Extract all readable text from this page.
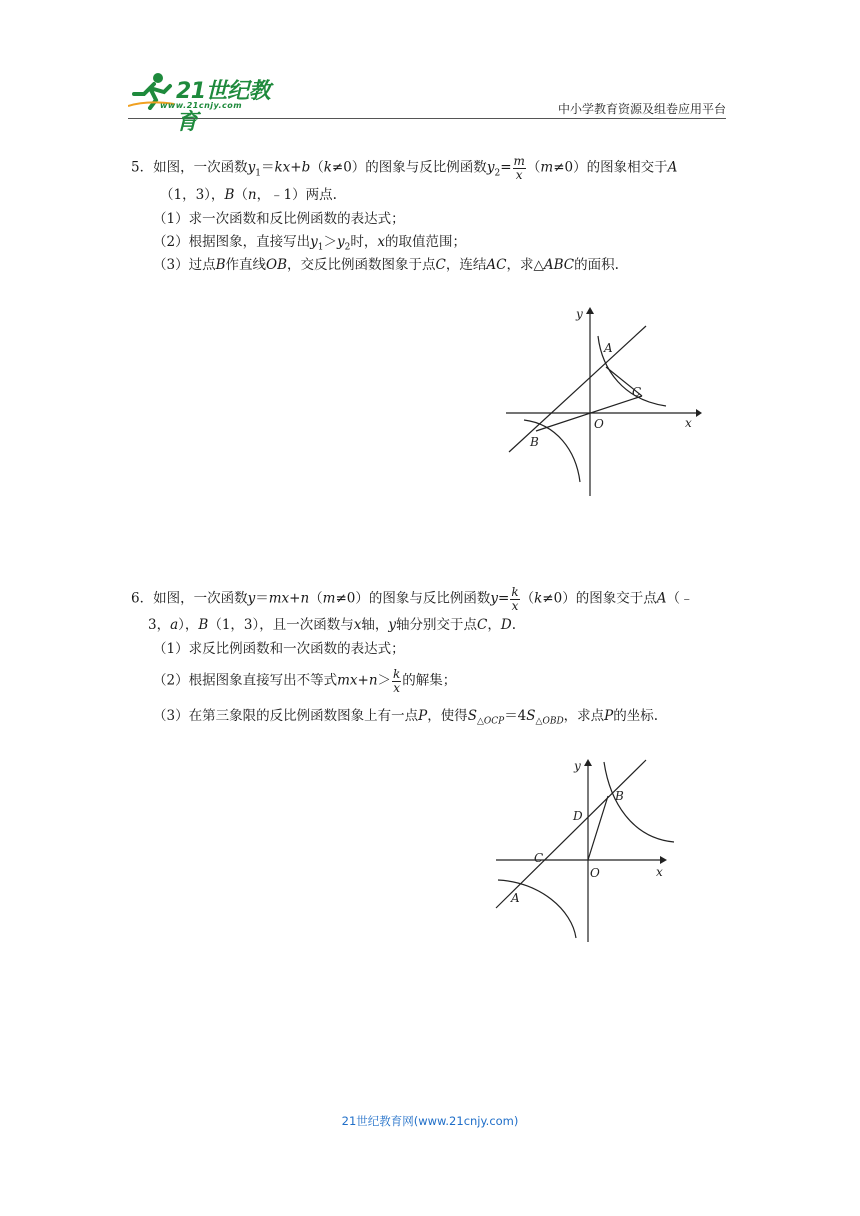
21世纪教育
www.21cnjy.com	中小学教育资源及组卷应用平台
5．如图，一次函数$y_1=kx+b(k\ne 0)$的图象与反比例函数$y_2= \frac{m}{x} (m\ne 0)$的图象相交于A
（1，3），B（n，﹣1）两点.
（1）求一次函数和反比例函数的表达式；
（2）根据图象，直接写出$y_1>y_2$时，x的取值范围；
（3）过点B作直线OB，交反比例函数图象于点C，连结AC，求△ABC的面积.
y
x
O
A
C
B
6．如图，一次函数y＝mx+n（m≠0）的图象与反比例函数$y= \frac{k}{x} (k\ne 0)$的图象交于点A（﹣
3，a），B（1，3），且一次函数与x轴，y轴分别交于点C，D.
（1）求反比例函数和一次函数的表达式；
（2）根据图象直接写出不等式$mx+n> \frac{k}{x}$ 的解集；
（3）在第三象限的反比例函数图象上有一点P，使得$S_{\triangle OCP}=4S_{\triangle OBD}$，求点P的坐标.
y
x
O
B
D
C
A
21世纪教育网(www.21cnjy.com)
